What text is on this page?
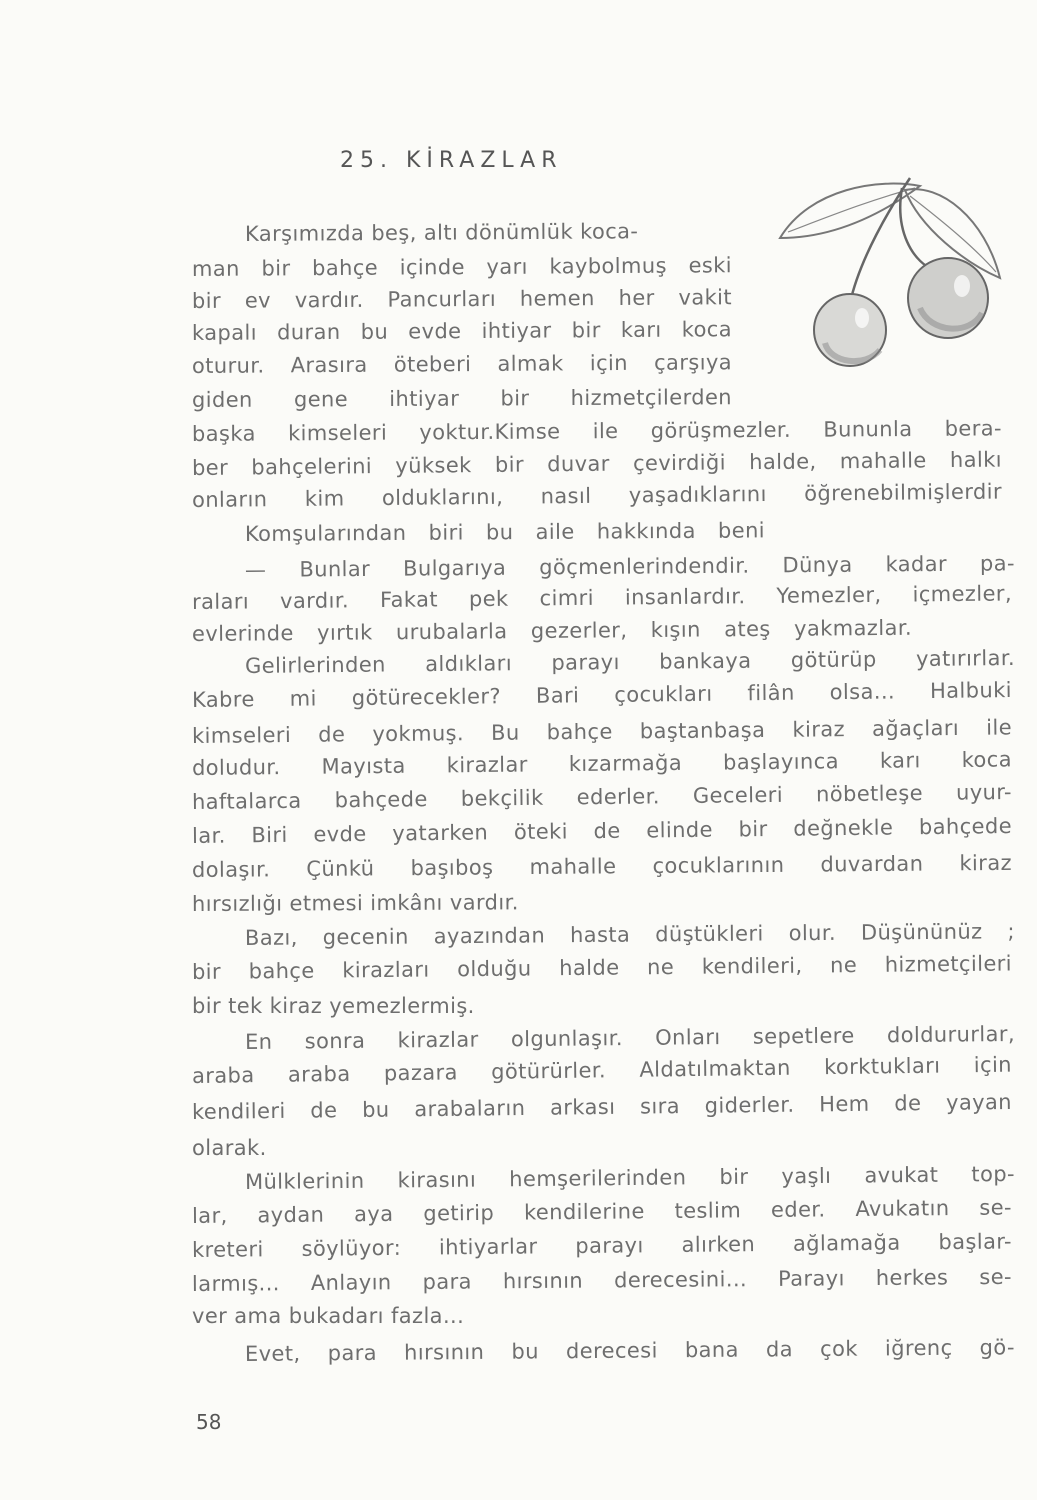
25. KİRAZLAR
Karşımızda beş, altı dönümlük koca-
man bir bahçe içinde yarı kaybolmuş eski
bir ev vardır. Pancurları hemen her vakit
kapalı duran bu evde ihtiyar bir karı koca
oturur. Arasıra öteberi almak için çarşıya
giden gene ihtiyar bir hizmetçilerden
başka kimseleri yoktur.Kimse ile görüşmezler. Bununla bera-
ber bahçelerini yüksek bir duvar çevirdiği halde, mahalle halkı
onların kim olduklarını, nasıl yaşadıklarını öğrenebilmişlerdir
Komşularından biri bu aile hakkında beni
— Bunlar Bulgarıya göçmenlerindendir. Dünya kadar pa-
raları vardır. Fakat pek cimri insanlardır. Yemezler, içmezler,
evlerinde yırtık urubalarla gezerler, kışın ateş yakmazlar.
Gelirlerinden aldıkları parayı bankaya götürüp yatırırlar.
Kabre mi götürecekler? Bari çocukları filân olsa... Halbuki
kimseleri de yokmuş. Bu bahçe baştanbaşa kiraz ağaçları ile
doludur. Mayısta kirazlar kızarmağa başlayınca karı koca
haftalarca bahçede bekçilik ederler. Geceleri nöbetleşe uyur-
lar. Biri evde yatarken öteki de elinde bir değnekle bahçede
dolaşır. Çünkü başıboş mahalle çocuklarının duvardan kiraz
hırsızlığı etmesi imkânı vardır.
Bazı, gecenin ayazından hasta düştükleri olur. Düşününüz ;
bir bahçe kirazları olduğu halde ne kendileri, ne hizmetçileri
bir tek kiraz yemezlermiş.
En sonra kirazlar olgunlaşır. Onları sepetlere doldururlar,
araba araba pazara götürürler. Aldatılmaktan korktukları için
kendileri de bu arabaların arkası sıra giderler. Hem de yayan
olarak.
Mülklerinin kirasını hemşerilerinden bir yaşlı avukat top-
lar, aydan aya getirip kendilerine teslim eder. Avukatın se-
kreteri söylüyor: ihtiyarlar parayı alırken ağlamağa başlar-
larmış... Anlayın para hırsının derecesini... Parayı herkes se-
ver ama bukadarı fazla...
Evet, para hırsının bu derecesi bana da çok iğrenç gö-
58
